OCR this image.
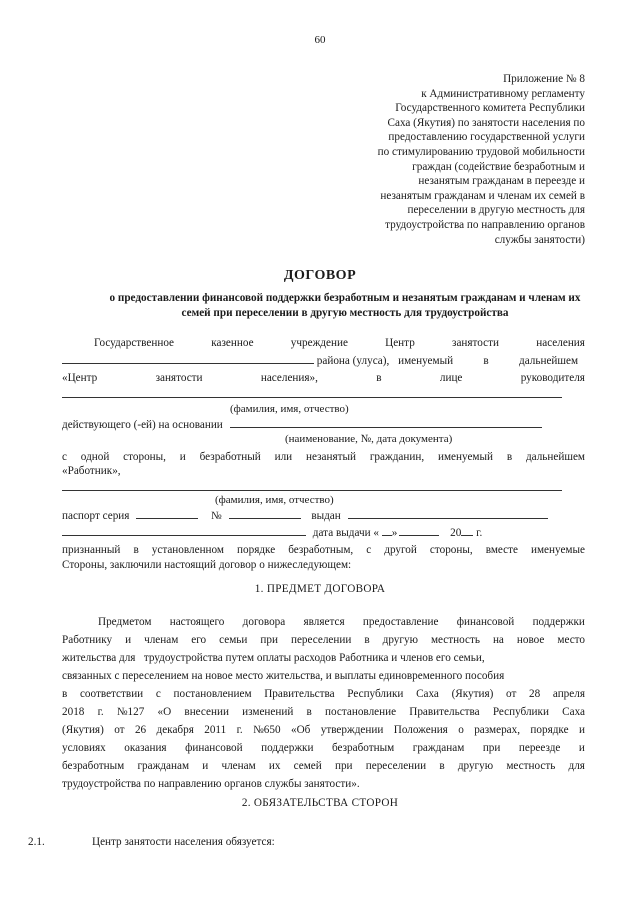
60
Приложение № 8
к Административному регламенту
Государственного комитета Республики
Саха (Якутия) по занятости населения по
предоставлению государственной услуги
по стимулированию трудовой мобильности
граждан (содействие безработным и
незанятым гражданам в переезде и
незанятым гражданам и членам их семей в
переселении в другую местность для
трудоустройства по направлению органов
службы занятости)
ДОГОВОР
о предоставлении финансовой поддержки безработным и незанятым гражданам и членам их семей при переселении в другую местность для трудоустройства
Государственное	казенное	учреждение	Центр	занятости	населения
района (улуса), именуемый	в	дальнейшем
«Центр	занятости	населения»,	в	лице	руководителя
(фамилия, имя, отчество)
действующего (-ей) на основании
(наименование, №, дата документа)
с одной стороны, и безработный или незанятый гражданин, именуемый в дальнейшем
«Работник»,
(фамилия, имя, отчество)
паспорт серия	№	выдан
дата выдачи « »	20 г.
признанный в установленном порядке безработным, с другой стороны, вместе именуемые
Стороны, заключили настоящий договор о нижеследующем:
1. ПРЕДМЕТ ДОГОВОРА
Предметом настоящего договора является предоставление финансовой поддержки
Работнику и членам его семьи при переселении в другую местность на новое место
жительства для   трудоустройства путем оплаты расходов Работника и членов его семьи,
связанных с переселением на новое место жительства, и выплаты единовременного пособия
в соответствии с постановлением Правительства Республики Саха (Якутия) от 28 апреля
2018 г. №127 «О внесении изменений в постановление Правительства Республики Саха
(Якутия) от 26 декабря 2011 г. №650 «Об утверждении Положения о размерах, порядке и
условиях оказания финансовой поддержки безработным гражданам при переезде и
безработным гражданам и членам их семей при переселении в другую местность для
трудоустройства по направлению органов службы занятости».
2. ОБЯЗАТЕЛЬСТВА СТОРОН
2.1.	Центр занятости населения обязуется:
